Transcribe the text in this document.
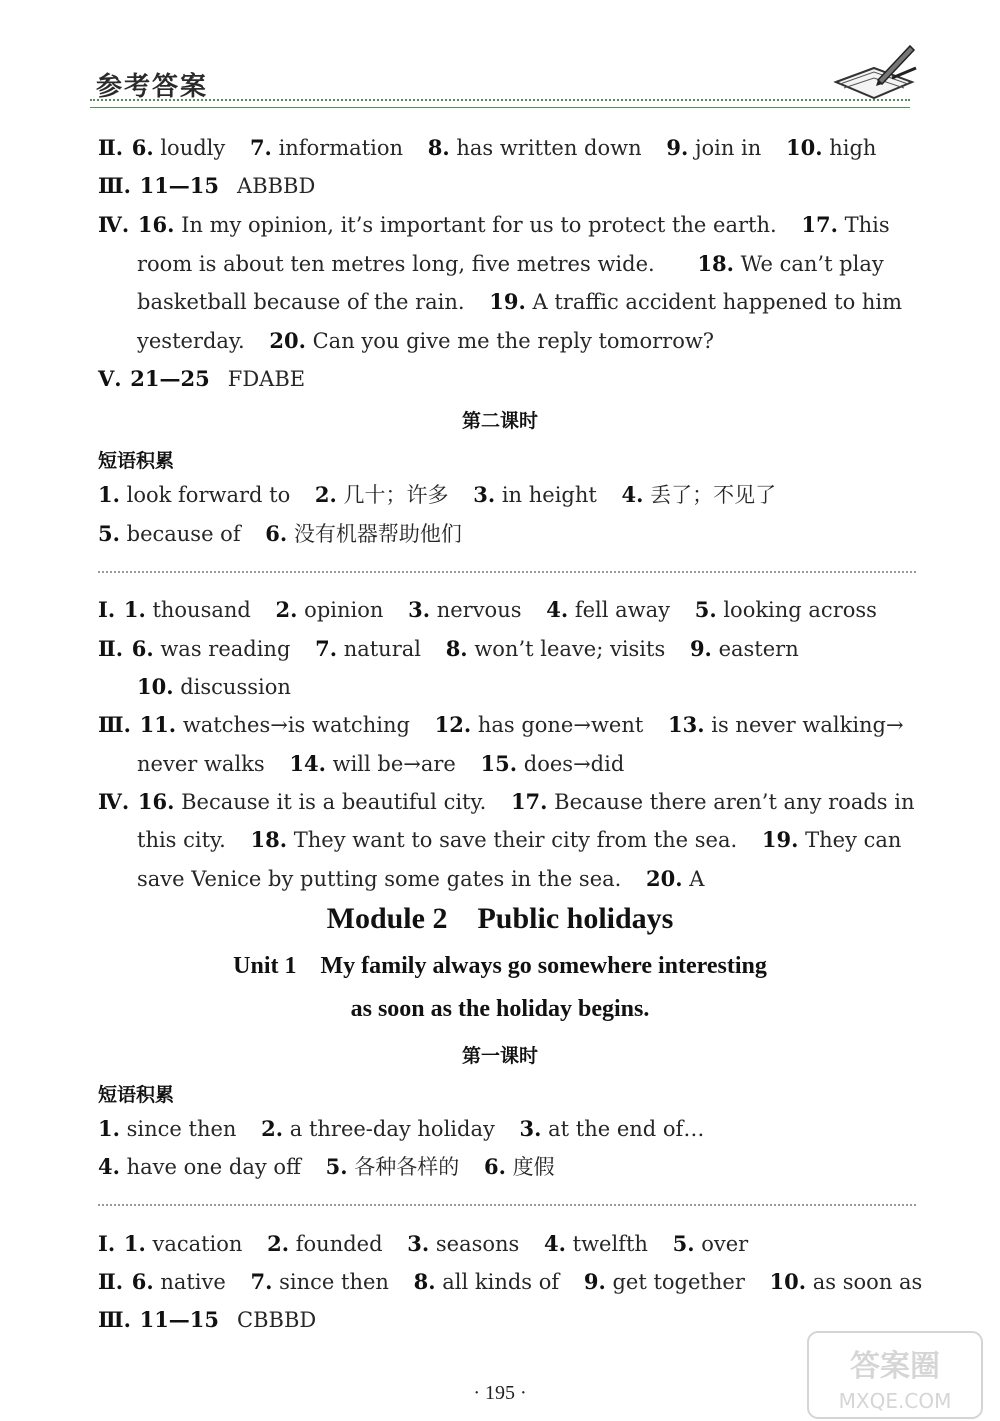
参考答案
Ⅱ. 6. loudly 7. information 8. has written down 9. join in 10. high
Ⅲ. 11—15 ABBBD
Ⅳ. 16. In my opinion, it’s important for us to protect the earth. 17. This
room is about ten metres long, five metres wide. 18. We can’t play
basketball because of the rain. 19. A traffic accident happened to him
yesterday. 20. Can you give me the reply tomorrow?
Ⅴ. 21—25 FDABE
第二课时
短语积累
1. look forward to 2. 几十；许多 3. in height 4. 丢了；不见了
5. because of 6. 没有机器帮助他们
Ⅰ. 1. thousand 2. opinion 3. nervous 4. fell away 5. looking across
Ⅱ. 6. was reading 7. natural 8. won’t leave; visits 9. eastern
10. discussion
Ⅲ. 11. watches→is watching 12. has gone→went 13. is never walking→
never walks 14. will be→are 15. does→did
Ⅳ. 16. Because it is a beautiful city. 17. Because there aren’t any roads in
this city. 18. They want to save their city from the sea. 19. They can
save Venice by putting some gates in the sea. 20. A
Module 2    Public holidays
Unit 1    My family always go somewhere interesting
as soon as the holiday begins.
第一课时
短语积累
1. since then 2. a three-day holiday 3. at the end of…
4. have one day off 5. 各种各样的 6. 度假
Ⅰ. 1. vacation 2. founded 3. seasons 4. twelfth 5. over
Ⅱ. 6. native 7. since then 8. all kinds of 9. get together 10. as soon as
Ⅲ. 11—15 CBBBD
· 195 ·
答案圈
MXQE.COM
